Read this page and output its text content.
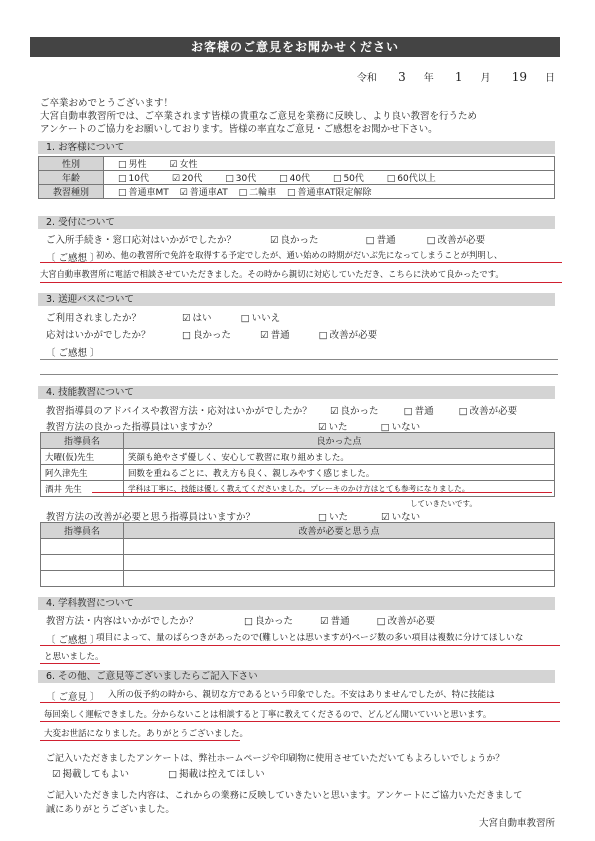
お客様のご意見をお聞かせください
令和 3 年 1 月 19 日
ご卒業おめでとうございます！
大宮自動車教習所では、ご卒業されます皆様の貴重なご意見を業務に反映し、より良い教習を行うため
アンケートのご協力をお願いしております。皆様の率直なご意見・ご感想をお聞かせ下さい。
1. お客様について
性別	□ 男性 ☑ 女性
年齢	□ 10代 ☑ 20代 □ 30代 □ 40代 □ 50代 □ 60代以上
教習種別	□ 普通車MT ☑ 普通車AT □ 二輪車 □ 普通車AT限定解除
2. 受付について
ご入所手続き・窓口応対はいかがでしたか？	☑ 良かった	□ 普通	□ 改善が必要
〔 ご感想 〕
初め、他の教習所で免許を取得する予定でしたが、通い始めの時期がだいぶ先になってしまうことが判明し、
大宮自動車教習所に電話で相談させていただきました。その時から親切に対応していただき、こちらに決めて良かったです。
3. 送迎バスについて
ご利用されましたか？	☑ はい	□ いいえ
応対はいかがでしたか？	□ 良かった	☑ 普通	□ 改善が必要
〔 ご感想 〕
4. 技能教習について
教習指導員のアドバイスや教習方法・応対はいかがでしたか？	☑ 良かった	□ 普通	□ 改善が必要
教習方法の良かった指導員はいますか？	☑ いた	□ いない
指導員名	良かった点
大曜(仮)先生	笑顔も絶やさず優しく、安心して教習に取り組めました。
阿久津先生	回数を重ねるごとに、教え方も良く、親しみやすく感じました。
酒井 先生	学科は丁寧に、技能は優しく教えてくださいました。プレーキのかけ方はとても参考になりました。
していきたいです。
教習方法の改善が必要と思う指導員はいますか？	□ いた	☑ いない
指導員名	改善が必要と思う点

4. 学科教習について
教習方法・内容はいかがでしたか？	□ 良かった	☑ 普通	□ 改善が必要
〔 ご感想 〕
項目によって、量のばらつきがあったので(難しいとは思いますが)ページ数の多い項目は複数に分けてほしいな
と思いました。
6. その他、ご意見等ございましたらご記入下さい
〔 ご意見 〕 入所の仮予約の時から、親切な方であるという印象でした。不安はありませんでしたが、特に技能は
毎回楽しく運転できました。分からないことは相談すると丁寧に教えてくださるので、どんどん聞いていいと思います。
大変お世話になりました。ありがとうございました。
ご記入いただきましたアンケートは、弊社ホームページや印刷物に使用させていただいてもよろしいでしょうか？
☑ 掲載してもよい	□ 掲載は控えてほしい
ご記入いただきました内容は、これからの業務に反映していきたいと思います。アンケートにご協力いただきまして
誠にありがとうございました。
大宮自動車教習所
